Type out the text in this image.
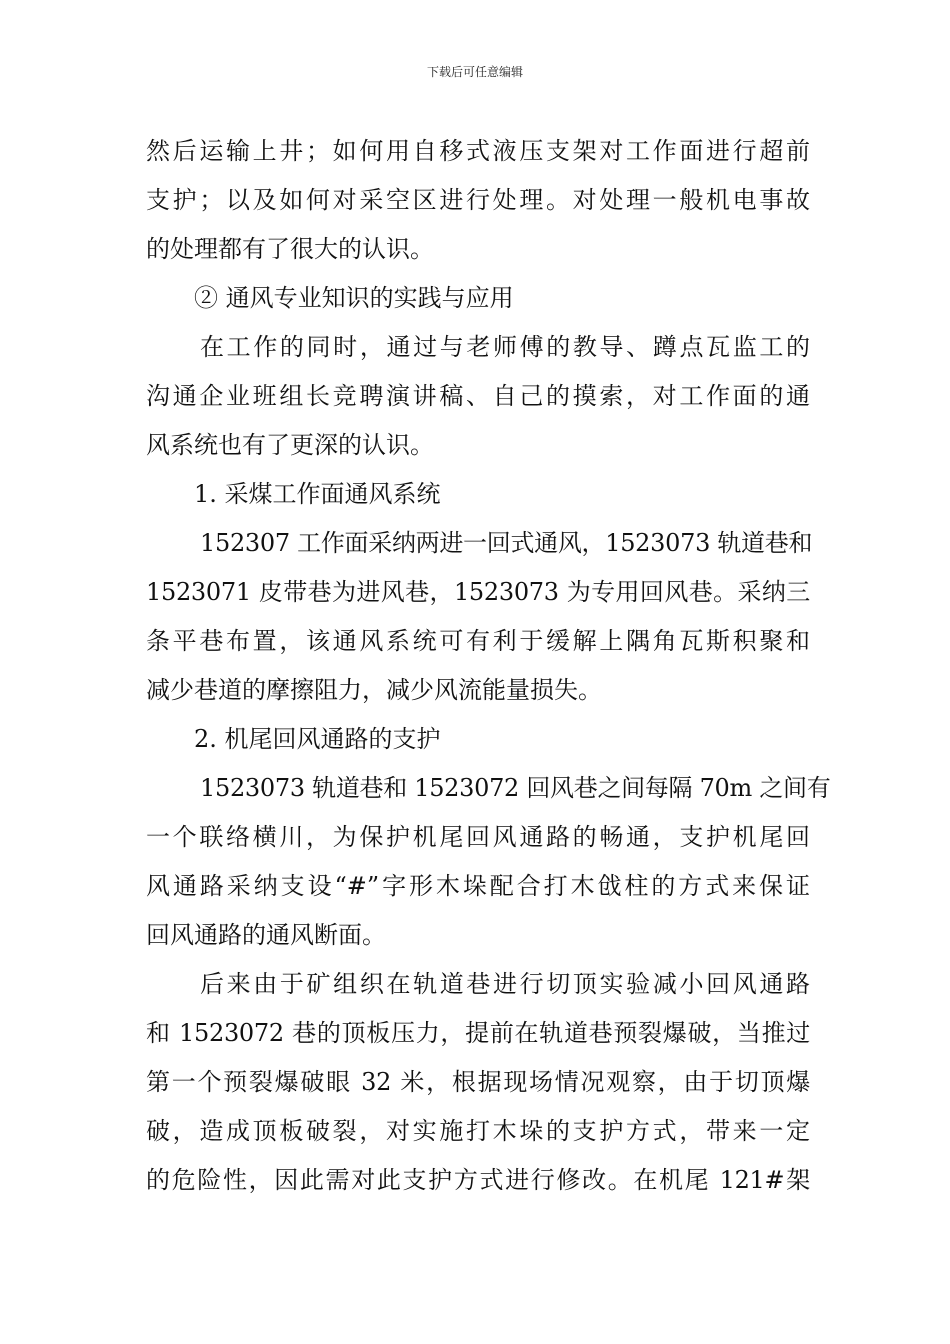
下载后可任意编辑
然后运输上井；如何用自移式液压支架对工作面进行超前
支护；以及如何对采空区进行处理。对处理一般机电事故
的处理都有了很大的认识。
② 通风专业知识的实践与应用
在工作的同时，通过与老师傅的教导、蹲点瓦监工的
沟通企业班组长竞聘演讲稿、自己的摸索，对工作面的通
风系统也有了更深的认识。
1. 采煤工作面通风系统
152307 工作面采纳两进一回式通风，1523073 轨道巷和
1523071 皮带巷为进风巷，1523073 为专用回风巷。采纳三
条平巷布置，该通风系统可有利于缓解上隅角瓦斯积聚和
减少巷道的摩擦阻力，减少风流能量损失。
2. 机尾回风通路的支护
1523073 轨道巷和 1523072 回风巷之间每隔 70m 之间有
一个联络横川，为保护机尾回风通路的畅通，支护机尾回
风通路采纳支设“#”字形木垛配合打木戗柱的方式来保证
回风通路的通风断面。
后来由于矿组织在轨道巷进行切顶实验减小回风通路
和 1523072 巷的顶板压力，提前在轨道巷预裂爆破，当推过
第一个预裂爆破眼 32 米，根据现场情况观察，由于切顶爆
破，造成顶板破裂，对实施打木垛的支护方式，带来一定
的危险性，因此需对此支护方式进行修改。在机尾 121#架
